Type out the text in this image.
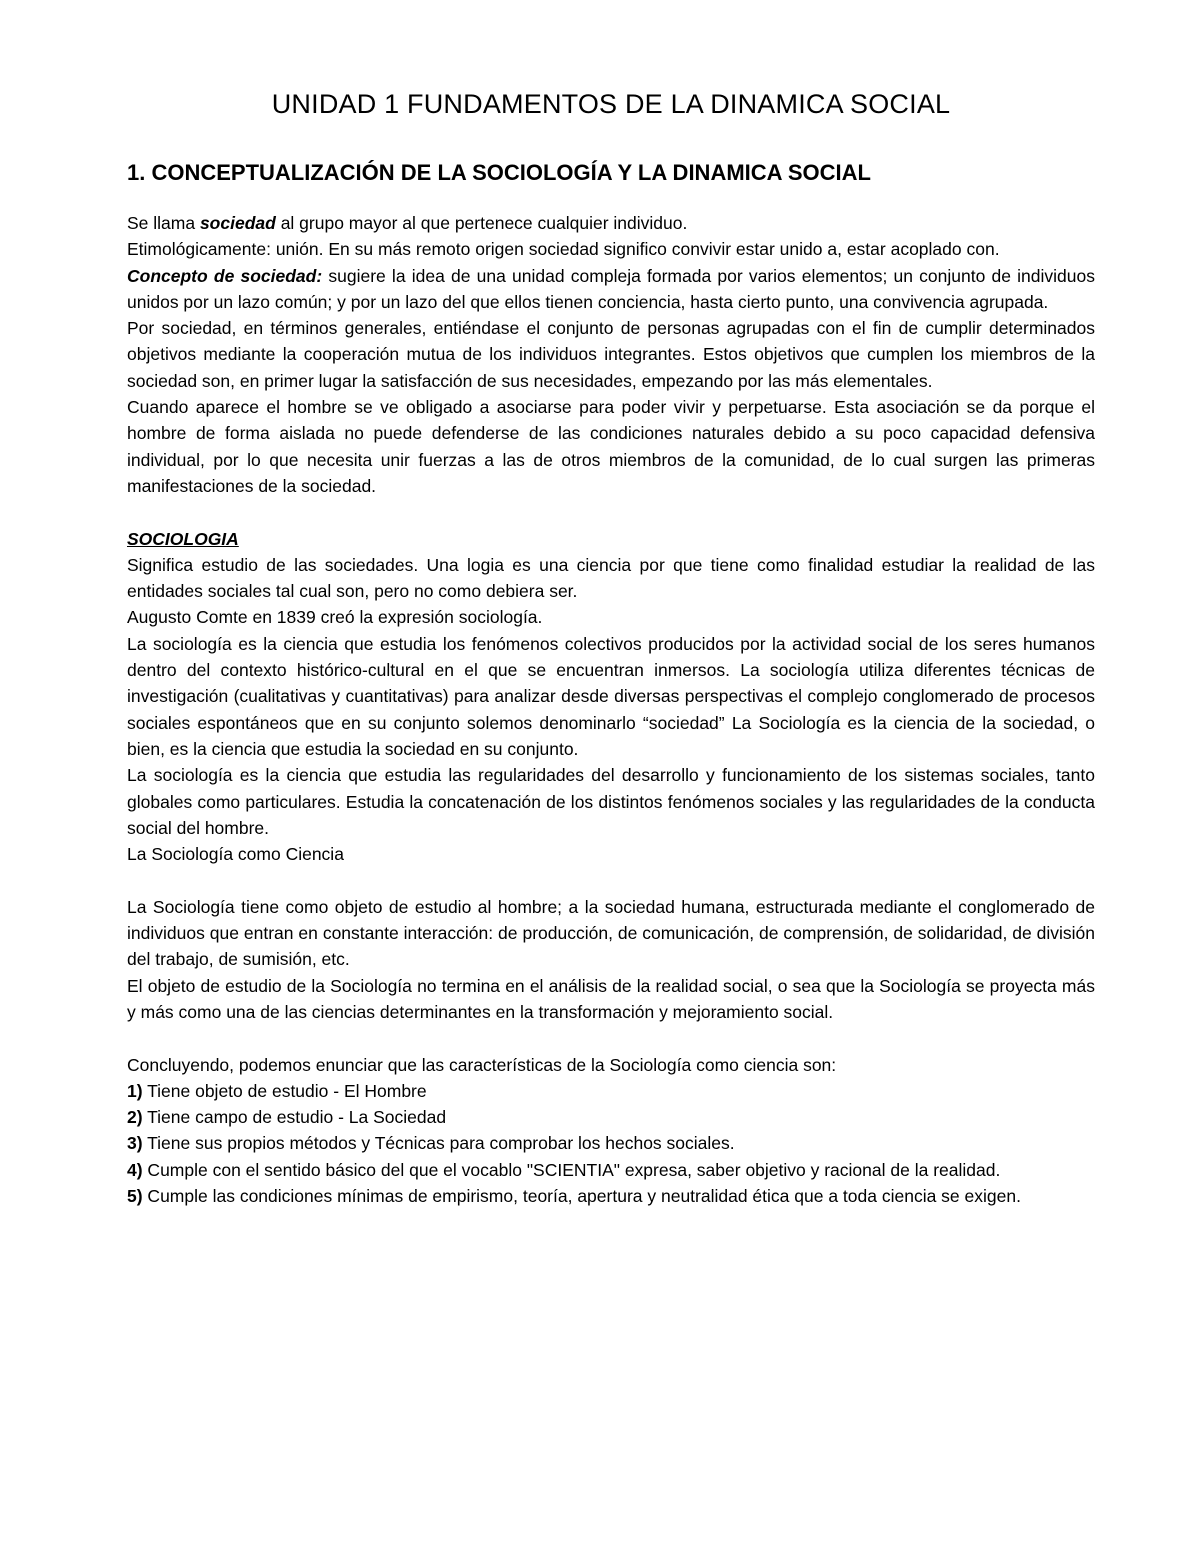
UNIDAD 1 FUNDAMENTOS DE LA DINAMICA SOCIAL
1. CONCEPTUALIZACIÓN DE LA SOCIOLOGÍA Y LA DINAMICA SOCIAL

Se llama sociedad al grupo mayor al que pertenece cualquier individuo.

Etimológicamente: unión. En su más remoto origen sociedad significo convivir estar unido a, estar acoplado con.

Concepto de sociedad: sugiere la idea de una unidad compleja formada por varios elementos; un conjunto de individuos unidos por un lazo común; y por un lazo del que ellos tienen conciencia, hasta cierto punto, una convivencia agrupada.

Por sociedad, en términos generales, entiéndase el conjunto de personas agrupadas con el fin de cumplir determinados objetivos mediante la cooperación mutua de los individuos integrantes. Estos objetivos que cumplen los miembros de la sociedad son, en primer lugar la satisfacción de sus necesidades, empezando por las más elementales.

Cuando aparece el hombre se ve obligado a asociarse para poder vivir y perpetuarse. Esta asociación se da porque el hombre de forma aislada no puede defenderse de las condiciones naturales debido a su poco capacidad defensiva individual, por lo que necesita unir fuerzas a las de otros miembros de la comunidad, de lo cual surgen las primeras manifestaciones de la sociedad.

SOCIOLOGIA

Significa estudio de las sociedades. Una logia es una ciencia por que tiene como finalidad estudiar la realidad de las entidades sociales tal cual son, pero no como debiera ser.

Augusto Comte en 1839 creó la expresión sociología.

La sociología es la ciencia que estudia los fenómenos colectivos producidos por la actividad social de los seres humanos dentro del contexto histórico-cultural en el que se encuentran inmersos. La sociología utiliza diferentes técnicas de investigación (cualitativas y cuantitativas) para analizar desde diversas perspectivas el complejo conglomerado de procesos sociales espontáneos que en su conjunto solemos denominarlo “sociedad” La Sociología es la ciencia de la sociedad, o bien, es la ciencia que estudia la sociedad en su conjunto.

La sociología es la ciencia que estudia las regularidades del desarrollo y funcionamiento de los sistemas sociales, tanto globales como particulares. Estudia la concatenación de los distintos fenómenos sociales y las regularidades de la conducta social del hombre.

La Sociología como Ciencia

La Sociología tiene como objeto de estudio al hombre; a la sociedad humana, estructurada mediante el conglomerado de individuos que entran en constante interacción: de producción, de comunicación, de comprensión, de solidaridad, de división del trabajo, de sumisión, etc.

El objeto de estudio de la Sociología no termina en el análisis de la realidad social, o sea que la Sociología se proyecta más y más como una de las ciencias determinantes en la transformación y mejoramiento social.

Concluyendo, podemos enunciar que las características de la Sociología como ciencia son:

1) Tiene objeto de estudio - El Hombre

2) Tiene campo de estudio - La Sociedad

3) Tiene sus propios métodos y Técnicas para comprobar los hechos sociales.

4) Cumple con el sentido básico del que el vocablo "SCIENTIA" expresa, saber objetivo y racional de la realidad.

5) Cumple las condiciones mínimas de empirismo, teoría, apertura y neutralidad ética que a toda ciencia se exigen.
